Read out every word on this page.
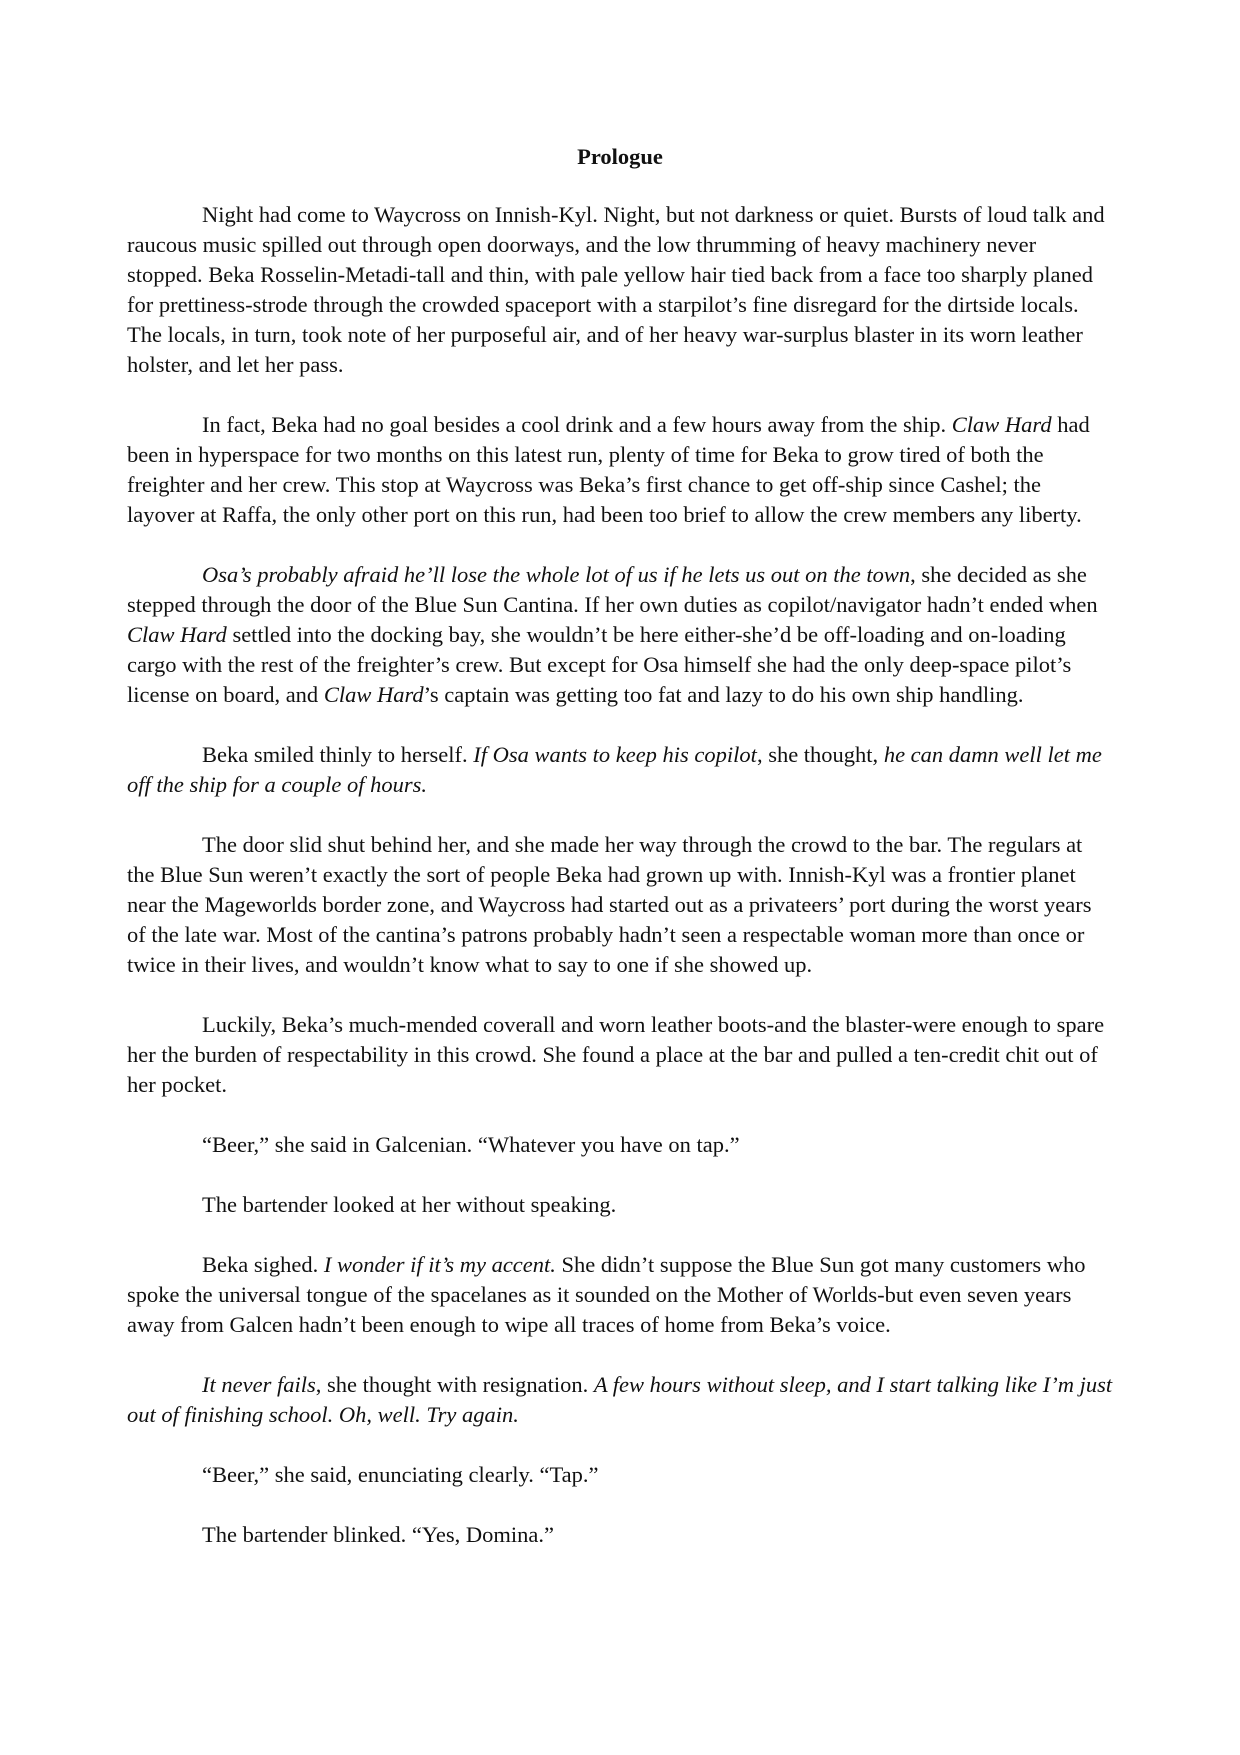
Prologue

Night had come to Waycross on Innish-Kyl. Night, but not darkness or quiet. Bursts of loud talk and raucous music spilled out through open doorways, and the low thrumming of heavy machinery never stopped. Beka Rosselin-Metadi-tall and thin, with pale yellow hair tied back from a face too sharply planed for prettiness-strode through the crowded spaceport with a starpilot’s fine disregard for the dirtside locals. The locals, in turn, took note of her purposeful air, and of her heavy war-surplus blaster in its worn leather holster, and let her pass.

In fact, Beka had no goal besides a cool drink and a few hours away from the ship. Claw Hard had been in hyperspace for two months on this latest run, plenty of time for Beka to grow tired of both the freighter and her crew. This stop at Waycross was Beka’s first chance to get off-ship since Cashel; the layover at Raffa, the only other port on this run, had been too brief to allow the crew members any liberty.

Osa’s probably afraid he’ll lose the whole lot of us if he lets us out on the town, she decided as she stepped through the door of the Blue Sun Cantina. If her own duties as copilot/navigator hadn’t ended when Claw Hard settled into the docking bay, she wouldn’t be here either-she’d be off-loading and on-loading cargo with the rest of the freighter’s crew. But except for Osa himself she had the only deep-space pilot’s license on board, and Claw Hard’s captain was getting too fat and lazy to do his own ship handling.

Beka smiled thinly to herself. If Osa wants to keep his copilot, she thought, he can damn well let me off the ship for a couple of hours.

The door slid shut behind her, and she made her way through the crowd to the bar. The regulars at the Blue Sun weren’t exactly the sort of people Beka had grown up with. Innish-Kyl was a frontier planet near the Mageworlds border zone, and Waycross had started out as a privateers’ port during the worst years of the late war. Most of the cantina’s patrons probably hadn’t seen a respectable woman more than once or twice in their lives, and wouldn’t know what to say to one if she showed up.

Luckily, Beka’s much-mended coverall and worn leather boots-and the blaster-were enough to spare her the burden of respectability in this crowd. She found a place at the bar and pulled a ten-credit chit out of her pocket.

“Beer,” she said in Galcenian. “Whatever you have on tap.”

The bartender looked at her without speaking.

Beka sighed. I wonder if it’s my accent. She didn’t suppose the Blue Sun got many customers who spoke the universal tongue of the spacelanes as it sounded on the Mother of Worlds-but even seven years away from Galcen hadn’t been enough to wipe all traces of home from Beka’s voice.

It never fails, she thought with resignation. A few hours without sleep, and I start talking like I’m just out of finishing school. Oh, well. Try again.

“Beer,” she said, enunciating clearly. “Tap.”

The bartender blinked. “Yes, Domina.”
